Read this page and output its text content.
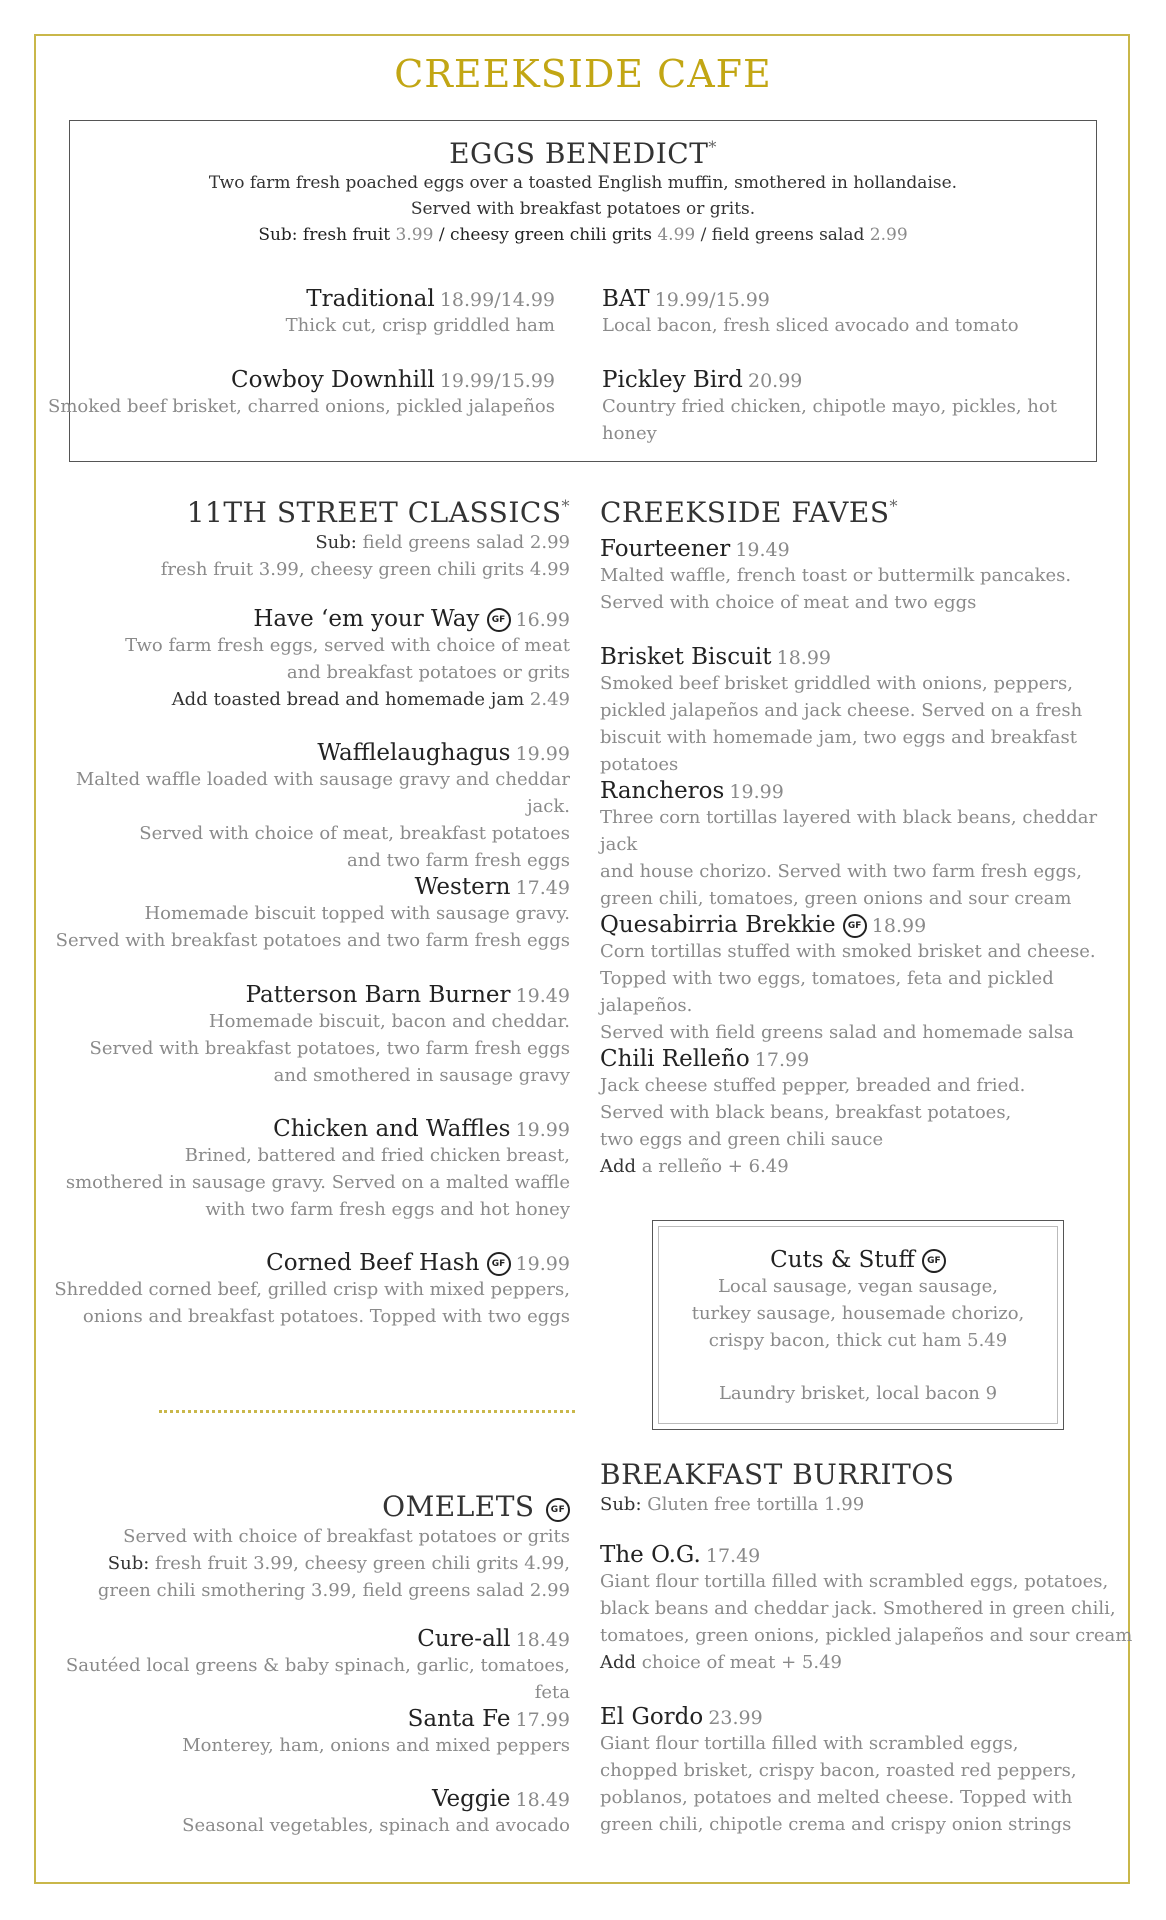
CREEKSIDE CAFE
EGGS BENEDICT*
Two farm fresh poached eggs over a toasted English muffin, smothered in hollandaise.
Served with breakfast potatoes or grits.
Sub: fresh fruit 3.99 / cheesy green chili grits 4.99 / field greens salad 2.99
Traditional 18.99/14.99
Thick cut, crisp griddled ham
BAT 19.99/15.99
Local bacon, fresh sliced avocado and tomato
Cowboy Downhill 19.99/15.99
Smoked beef brisket, charred onions, pickled jalapeños
Pickley Bird 20.99
Country fried chicken, chipotle mayo, pickles, hot honey
11TH STREET CLASSICS*
Sub: field greens salad 2.99
fresh fruit 3.99, cheesy green chili grits 4.99
Have ‘em your Way GF 16.99
Two farm fresh eggs, served with choice of meat
and breakfast potatoes or grits
Add toasted bread and homemade jam 2.49
Wafflelaughagus 19.99
Malted waffle loaded with sausage gravy and cheddar jack.
Served with choice of meat, breakfast potatoes
and two farm fresh eggs
Western 17.49
Homemade biscuit topped with sausage gravy.
Served with breakfast potatoes and two farm fresh eggs
Patterson Barn Burner 19.49
Homemade biscuit, bacon and cheddar.
Served with breakfast potatoes, two farm fresh eggs
and smothered in sausage gravy
Chicken and Waffles 19.99
Brined, battered and fried chicken breast,
smothered in sausage gravy. Served on a malted waffle
with two farm fresh eggs and hot honey
Corned Beef Hash GF 19.99
Shredded corned beef, grilled crisp with mixed peppers,
onions and breakfast potatoes. Topped with two eggs
CREEKSIDE FAVES*
Fourteener 19.49
Malted waffle, french toast or buttermilk pancakes.
Served with choice of meat and two eggs
Brisket Biscuit 18.99
Smoked beef brisket griddled with onions, peppers,
pickled jalapeños and jack cheese. Served on a fresh
biscuit with homemade jam, two eggs and breakfast potatoes
Rancheros 19.99
Three corn tortillas layered with black beans, cheddar jack
and house chorizo. Served with two farm fresh eggs,
green chili, tomatoes, green onions and sour cream
Quesabirria Brekkie GF 18.99
Corn tortillas stuffed with smoked brisket and cheese.
Topped with two eggs, tomatoes, feta and pickled jalapeños.
Served with field greens salad and homemade salsa
Chili Relleño 17.99
Jack cheese stuffed pepper, breaded and fried.
Served with black beans, breakfast potatoes,
two eggs and green chili sauce
Add a relleño + 6.49
Cuts & Stuff GF
Local sausage, vegan sausage,
turkey sausage, housemade chorizo,
crispy bacon, thick cut ham 5.49
Laundry brisket, local bacon 9
OMELETS GF
Served with choice of breakfast potatoes or grits
Sub: fresh fruit 3.99, cheesy green chili grits 4.99,
green chili smothering 3.99, field greens salad 2.99
Cure-all 18.49
Sautéed local greens & baby spinach, garlic, tomatoes, feta
Santa Fe 17.99
Monterey, ham, onions and mixed peppers
Veggie 18.49
Seasonal vegetables, spinach and avocado
BREAKFAST BURRITOS
Sub: Gluten free tortilla 1.99
The O.G. 17.49
Giant flour tortilla filled with scrambled eggs, potatoes,
black beans and cheddar jack. Smothered in green chili,
tomatoes, green onions, pickled jalapeños and sour cream
Add choice of meat + 5.49
El Gordo 23.99
Giant flour tortilla filled with scrambled eggs,
chopped brisket, crispy bacon, roasted red peppers,
poblanos, potatoes and melted cheese. Topped with
green chili, chipotle crema and crispy onion strings
